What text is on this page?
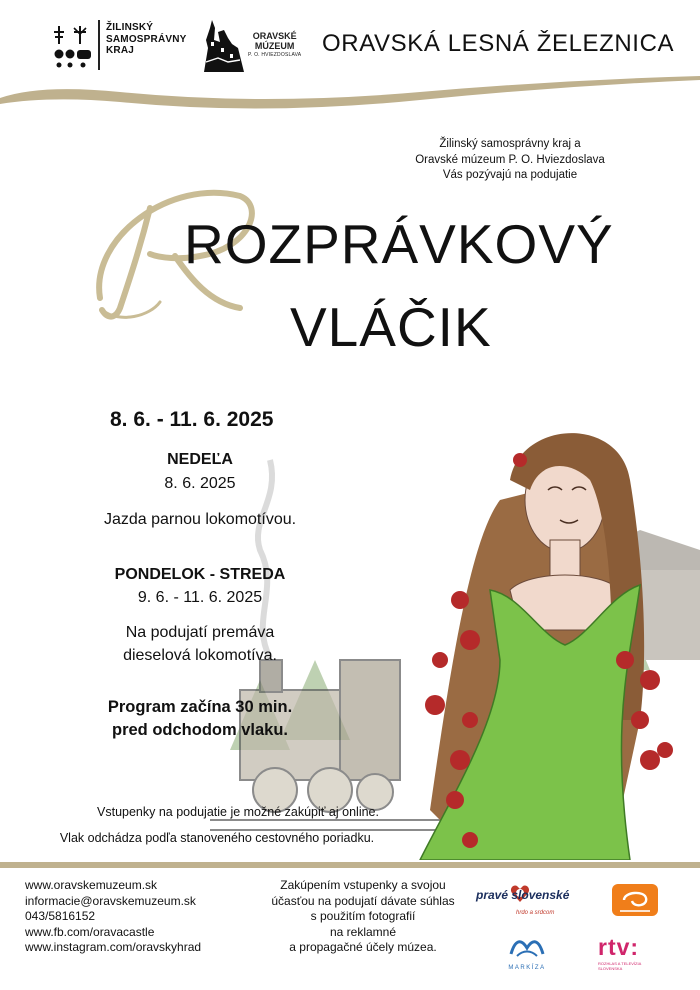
ŽILINSKÝ
SAMOSPRÁVNY
KRAJ
ORAVSKÉ
MÚZEUM
P. O. HVIEZDOSLAVA ORAVSKÁ LESNÁ ŽELEZNICA
Žilinský samosprávny kraj a
Oravské múzeum P. O. Hviezdoslava
Vás pozývajú na podujatie
ROZPRÁVKOVÝ
VLÁČIK
8. 6. - 11. 6. 2025
NEDEĽA
8. 6. 2025
Jazda parnou lokomotívou.
PONDELOK - STREDA
9. 6. - 11. 6. 2025
Na podujatí premáva
dieselová lokomotíva.
Program začína 30 min.
pred odchodom vlaku.
Vstupenky na podujatie je možné zakúpiť aj online.
Vlak odchádza podľa stanoveného cestovného poriadku.
www.oravskemuzeum.sk
informacie@oravskemuzeum.sk
043/5816152
www.fb.com/oravacastle
www.instagram.com/oravskyhrad
Zakúpením vstupenky a svojou
účasťou na podujatí dávate súhlas
s použitím fotografií
na reklamné
a propagačné účely múzea.
pravé slovenské
hrdo a srdcom
MARKÍZA
rtv:
ROZHLAS A TELEVÍZIA
SLOVENSKA
